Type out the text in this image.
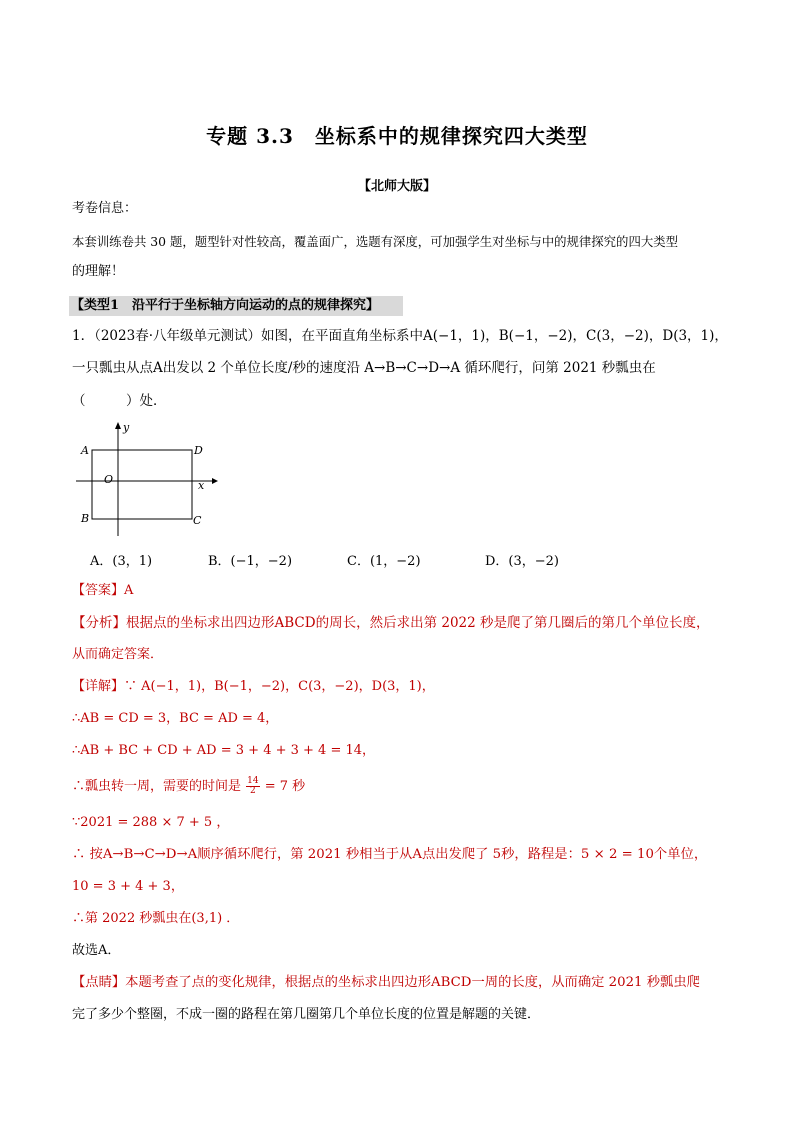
专题 3.3　坐标系中的规律探究四大类型
【北师大版】
考卷信息：
本套训练卷共 30 题，题型针对性较高，覆盖面广，选题有深度，可加强学生对坐标与中的规律探究的四大类型
的理解！
【类型1　沿平行于坐标轴方向运动的点的规律探究】
1．（2023春·八年级单元测试）如图，在平面直角坐标系中A(−1，1)，B(−1，−2)，C(3，−2)，D(3，1)，
一只瓢虫从点A出发以 2 个单位长度/秒的速度沿 A→B→C→D→A 循环爬行，问第 2021 秒瓢虫在
（　　　）处．
A
B	C
D
O	x
y
A．(3，1)	B．(−1，−2)	C．(1，−2)	D．(3，−2)
【答案】A
【分析】根据点的坐标求出四边形ABCD的周长，然后求出第 2022 秒是爬了第几圈后的第几个单位长度，
从而确定答案．
【详解】∵ A(−1，1)，B(−1，−2)，C(3，−2)，D(3，1)，
∴AB = CD = 3，BC = AD = 4，
∴AB + BC + CD + AD = 3 + 4 + 3 + 4 = 14，
∴瓢虫转一周，需要的时间是 $\frac{14}{2} = 7$ 秒
∵2021 = 288 × 7 + 5 ，
∴ 按A→B→C→D→A顺序循环爬行，第 2021 秒相当于从A点出发爬了 5秒，路程是：5 × 2 = 10个单位，
10 = 3 + 4 + 3，
∴第 2022 秒瓢虫在(3,1) ．
故选A．
【点睛】本题考查了点的变化规律，根据点的坐标求出四边形ABCD一周的长度，从而确定 2021 秒瓢虫爬
完了多少个整圈，不成一圈的路程在第几圈第几个单位长度的位置是解题的关键．
